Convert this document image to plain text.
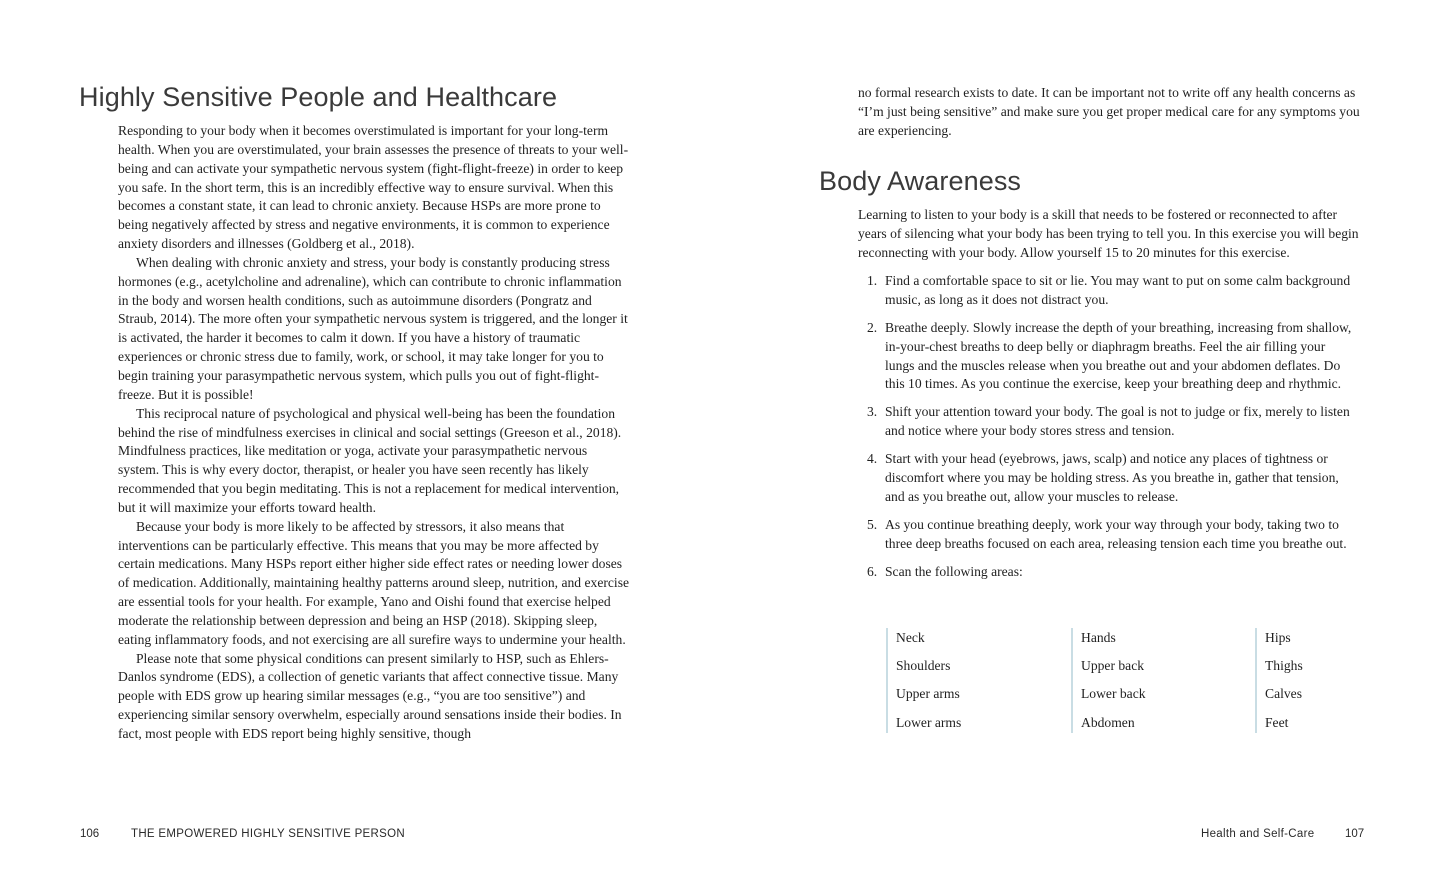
Highly Sensitive People and Healthcare

Responding to your body when it becomes overstimulated is important for your long-term health. When you are overstimulated, your brain assesses the presence of threats to your well-being and can activate your sympathetic nervous system (fight-flight-freeze) in order to keep you safe. In the short term, this is an incredibly effective way to ensure survival. When this becomes a constant state, it can lead to chronic anxiety. Because HSPs are more prone to being negatively affected by stress and negative environments, it is common to experience anxiety disorders and illnesses (Goldberg et al., 2018).

When dealing with chronic anxiety and stress, your body is constantly producing stress hormones (e.g., acetylcholine and adrenaline), which can contribute to chronic inflammation in the body and worsen health conditions, such as autoimmune disorders (Pongratz and Straub, 2014). The more often your sympathetic nervous system is triggered, and the longer it is activated, the harder it becomes to calm it down. If you have a history of traumatic experiences or chronic stress due to family, work, or school, it may take longer for you to begin training your parasympathetic nervous system, which pulls you out of fight-flight-freeze. But it is possible!

This reciprocal nature of psychological and physical well-being has been the foundation behind the rise of mindfulness exercises in clinical and social settings (Greeson et al., 2018). Mindfulness practices, like meditation or yoga, activate your parasympathetic nervous system. This is why every doctor, therapist, or healer you have seen recently has likely recommended that you begin meditating. This is not a replacement for medical intervention, but it will maximize your efforts toward health.

Because your body is more likely to be affected by stressors, it also means that interventions can be particularly effective. This means that you may be more affected by certain medications. Many HSPs report either higher side effect rates or needing lower doses of medication. Additionally, maintaining healthy patterns around sleep, nutrition, and exercise are essential tools for your health. For example, Yano and Oishi found that exercise helped moderate the relationship between depression and being an HSP (2018). Skipping sleep, eating inflammatory foods, and not exercising are all surefire ways to undermine your health.

Please note that some physical conditions can present similarly to HSP, such as Ehlers-Danlos syndrome (EDS), a collection of genetic variants that affect connective tissue. Many people with EDS grow up hearing similar messages (e.g., “you are too sensitive”) and experiencing similar sensory overwhelm, especially around sensations inside their bodies. In fact, most people with EDS report being highly sensitive, though

106	THE EMPOWERED HIGHLY SENSITIVE PERSON

no formal research exists to date. It can be important not to write off any health concerns as “I’m just being sensitive” and make sure you get proper medical care for any symptoms you are experiencing.

Body Awareness

Learning to listen to your body is a skill that needs to be fostered or reconnected to after years of silencing what your body has been trying to tell you. In this exercise you will begin reconnecting with your body. Allow yourself 15 to 20 minutes for this exercise.

1. Find a comfortable space to sit or lie. You may want to put on some calm background music, as long as it does not distract you.
2. Breathe deeply. Slowly increase the depth of your breathing, increasing from shallow, in-your-chest breaths to deep belly or diaphragm breaths. Feel the air filling your lungs and the muscles release when you breathe out and your abdomen deflates. Do this 10 times. As you continue the exercise, keep your breathing deep and rhythmic.
3. Shift your attention toward your body. The goal is not to judge or fix, merely to listen and notice where your body stores stress and tension.
4. Start with your head (eyebrows, jaws, scalp) and notice any places of tightness or discomfort where you may be holding stress. As you breathe in, gather that tension, and as you breathe out, allow your muscles to release.
5. As you continue breathing deeply, work your way through your body, taking two to three deep breaths focused on each area, releasing tension each time you breathe out.
6. Scan the following areas:
Neck
Shoulders
Upper arms
Lower arms
Hands
Upper back
Lower back
Abdomen
Hips
Thighs
Calves
Feet
Health and Self-Care	107
